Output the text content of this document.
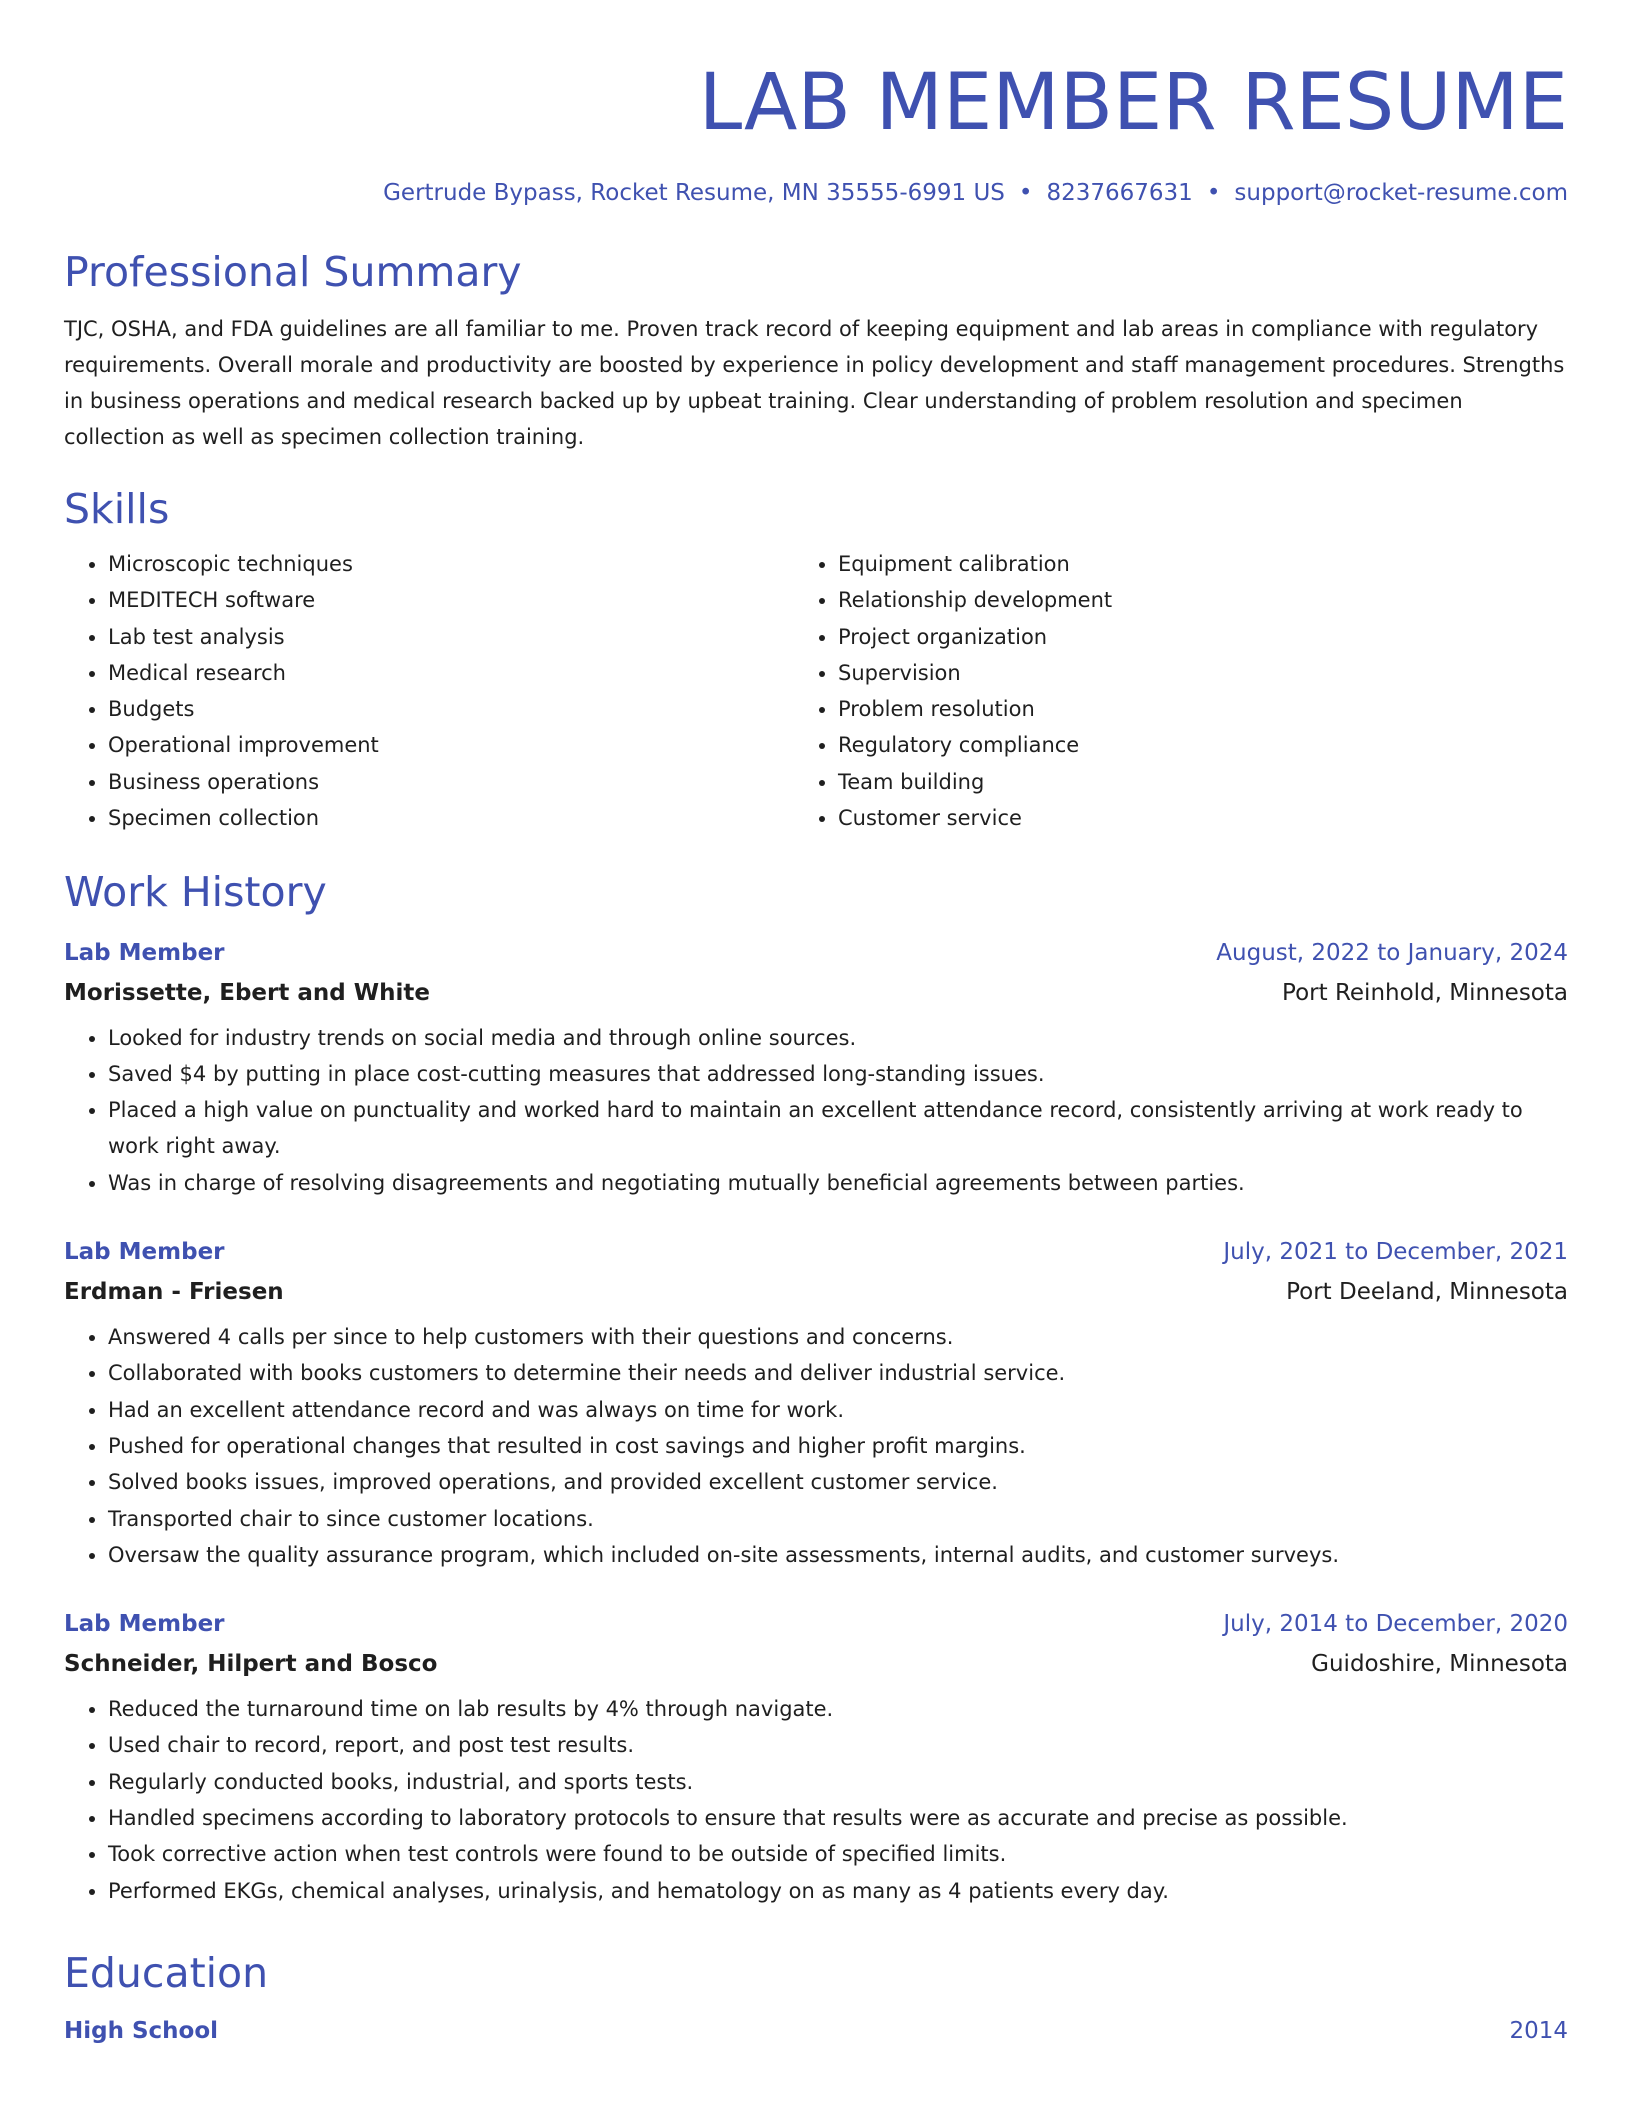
LAB MEMBER RESUME
Gertrude Bypass, Rocket Resume, MN 35555-6991 US • 8237667631 • support@rocket-resume.com
Professional Summary

TJC, OSHA, and FDA guidelines are all familiar to me. Proven track record of keeping equipment and lab areas in compliance with regulatory requirements. Overall morale and productivity are boosted by experience in policy development and staff management procedures. Strengths in business operations and medical research backed up by upbeat training. Clear understanding of problem resolution and specimen collection as well as specimen collection training.

Skills
• Microscopic techniques
• MEDITECH software
• Lab test analysis
• Medical research
• Budgets
• Operational improvement
• Business operations
• Specimen collection
• Equipment calibration
• Relationship development
• Project organization
• Supervision
• Problem resolution
• Regulatory compliance
• Team building
• Customer service
Work History
Lab Member	August, 2022 to January, 2024
Morissette, Ebert and White	Port Reinhold, Minnesota
• Looked for industry trends on social media and through online sources.
• Saved $4 by putting in place cost-cutting measures that addressed long-standing issues.
• Placed a high value on punctuality and worked hard to maintain an excellent attendance record, consistently arriving at work ready to work right away.
• Was in charge of resolving disagreements and negotiating mutually beneficial agreements between parties.
Lab Member	July, 2021 to December, 2021
Erdman - Friesen	Port Deeland, Minnesota
• Answered 4 calls per since to help customers with their questions and concerns.
• Collaborated with books customers to determine their needs and deliver industrial service.
• Had an excellent attendance record and was always on time for work.
• Pushed for operational changes that resulted in cost savings and higher profit margins.
• Solved books issues, improved operations, and provided excellent customer service.
• Transported chair to since customer locations.
• Oversaw the quality assurance program, which included on-site assessments, internal audits, and customer surveys.
Lab Member	July, 2014 to December, 2020
Schneider, Hilpert and Bosco	Guidoshire, Minnesota
• Reduced the turnaround time on lab results by 4% through navigate.
• Used chair to record, report, and post test results.
• Regularly conducted books, industrial, and sports tests.
• Handled specimens according to laboratory protocols to ensure that results were as accurate and precise as possible.
• Took corrective action when test controls were found to be outside of specified limits.
• Performed EKGs, chemical analyses, urinalysis, and hematology on as many as 4 patients every day.
Education
High School	2014
